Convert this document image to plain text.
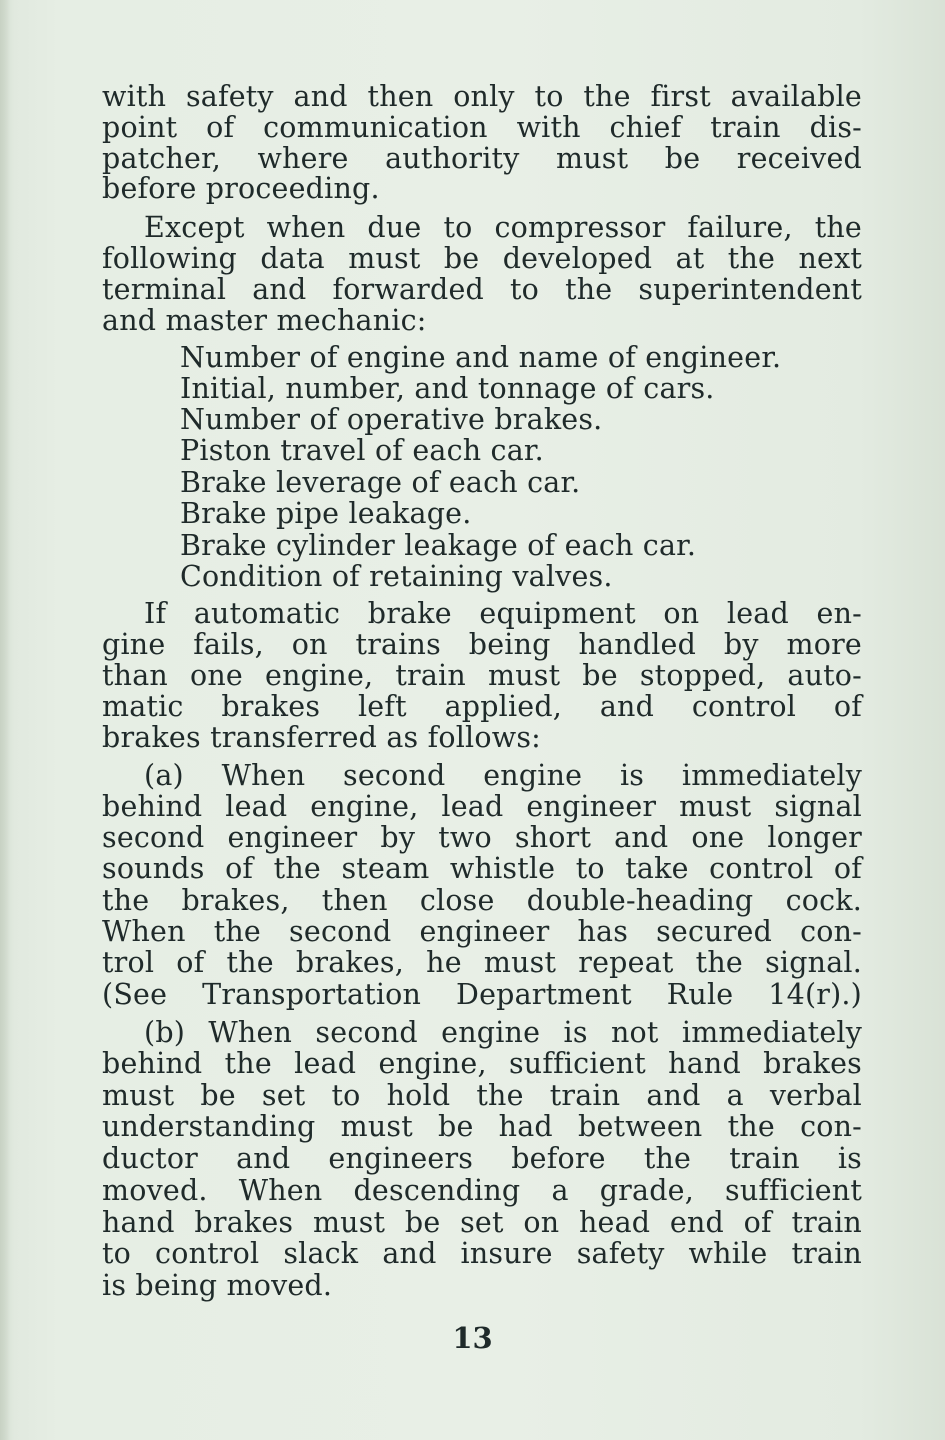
with safety and then only to the first available
point of communication with chief train dis-
patcher, where authority must be received
before proceeding.
Except when due to compressor failure, the
following data must be developed at the next
terminal and forwarded to the superintendent
and master mechanic:
Number of engine and name of engineer.
Initial, number, and tonnage of cars.
Number of operative brakes.
Piston travel of each car.
Brake leverage of each car.
Brake pipe leakage.
Brake cylinder leakage of each car.
Condition of retaining valves.
If automatic brake equipment on lead en-
gine fails, on trains being handled by more
than one engine, train must be stopped, auto-
matic brakes left applied, and control of
brakes transferred as follows:
(a) When second engine is immediately
behind lead engine, lead engineer must signal
second engineer by two short and one longer
sounds of the steam whistle to take control of
the brakes, then close double-heading cock.
When the second engineer has secured con-
trol of the brakes, he must repeat the signal.
(See Transportation Department Rule 14(r).)
(b) When second engine is not immediately
behind the lead engine, sufficient hand brakes
must be set to hold the train and a verbal
understanding must be had between the con-
ductor and engineers before the train is
moved. When descending a grade, sufficient
hand brakes must be set on head end of train
to control slack and insure safety while train
is being moved.
13
